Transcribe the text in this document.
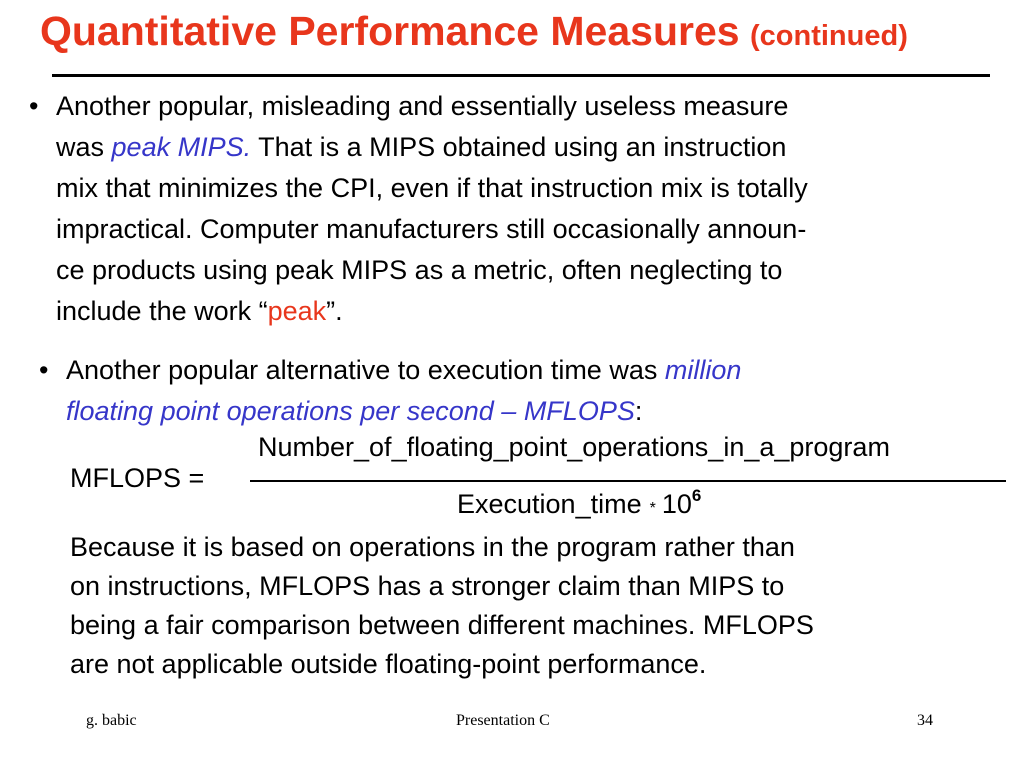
Quantitative Performance Measures (continued)
• Another popular, misleading and essentially useless measure
was peak MIPS. That is a MIPS obtained using an instruction
mix that minimizes the CPI, even if that instruction mix is totally
impractical. Computer manufacturers still occasionally announ-
ce products using peak MIPS as a metric, often neglecting to
include the work “peak”.
• Another popular alternative to execution time was million
floating point operations per second – MFLOPS:
Number_of_floating_point_operations_in_a_program
MFLOPS =
Execution_time * $10^6$
Because it is based on operations in the program rather than
on instructions, MFLOPS has a stronger claim than MIPS to
being a fair comparison between different machines. MFLOPS
are not applicable outside floating-point performance.
g. babic	Presentation C	34
